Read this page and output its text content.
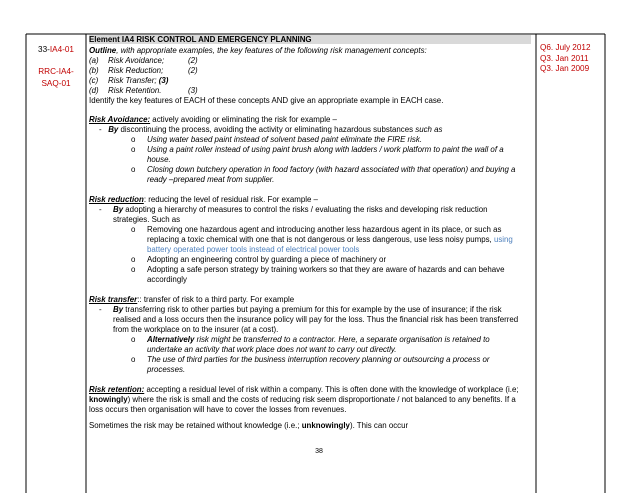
33-IA4-01
RRC-IA4-
SAQ-01
Q6. July 2012
Q3. Jan 2011
Q3. Jan 2009
Element IA4 RISK CONTROL AND EMERGENCY PLANNING
Outline, with appropriate examples, the key features of the following risk management concepts:
(a) Risk Avoidance;	(2)
(b) Risk Reduction;	(2)
(c) Risk Transfer; (3)
(d) Risk Retention.	(3)
Identify the key features of EACH of these concepts AND give an appropriate example in EACH case.
Risk Avoidance: actively avoiding or eliminating the risk for example –
-   By discontinuing the process, avoiding the activity or eliminating hazardous substances such as
o Using water based paint instead of solvent based paint eliminate the FIRE risk.
o Using a paint roller instead of using paint brush along with ladders / work platform to paint the wall of a house.
o Closing down butchery operation in food factory (with hazard associated with that operation) and buying a ready –prepared meat from supplier.
Risk reduction: reducing the level of residual risk. For example –
- By adopting a hierarchy of measures to control the risks / evaluating the risks and developing risk reduction strategies. Such as
o Removing one hazardous agent and introducing another less hazardous agent in its place, or such as replacing a toxic chemical with one that is not dangerous or less dangerous, use less noisy pumps, using battery operated power tools instead of electrical power tools
o Adopting an engineering control by guarding a piece of machinery or
o Adopting a safe person strategy by training workers so that they are aware of hazards and can behave accordingly
Risk transfer:: transfer of risk to a third party. For example
- By transferring risk to other parties but paying a premium for this for example by the use of insurance; if the risk realised and a loss occurs then the insurance policy will pay for the loss. Thus the financial risk has been transferred from the workplace on to the insurer (at a cost).
o Alternatively risk might be transferred to a contractor. Here, a separate organisation is retained to undertake an activity that work place does not want to carry out directly.
o The use of third parties for the business interruption recovery planning or outsourcing a process or processes.
Risk retention: accepting a residual level of risk within a company. This is often done with the knowledge of workplace (i.e; knowingly) where the risk is small and the costs of reducing risk seem disproportionate / not balanced to any benefits. If a loss occurs then organisation will have to cover the losses from revenues.
Sometimes the risk may be retained without knowledge (i.e.; unknowingly). This can occur
38
